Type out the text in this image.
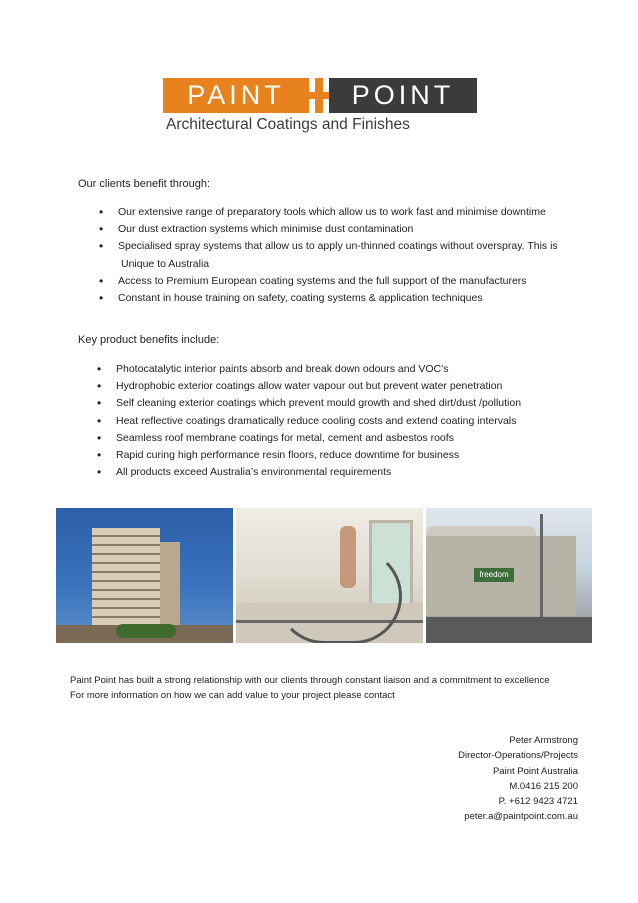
PAINT	POINT
Architectural Coatings and Finishes
Our clients benefit through:
• Our extensive range of preparatory tools which allow us to work fast and minimise downtime
• Our dust extraction systems which minimise dust contamination
• Specialised spray systems that allow us to apply un-thinned coatings without overspray. This is
Unique to Australia
• Access to Premium European coating systems and the full support of the manufacturers
• Constant in house training on safety, coating systems & application techniques
Key product benefits include:
• Photocatalytic interior paints absorb and break down odours and VOC’s
• Hydrophobic exterior coatings allow water vapour out but prevent water penetration
• Self cleaning exterior coatings which prevent mould growth and shed dirt/dust /pollution
• Heat reflective coatings dramatically reduce cooling costs and extend coating intervals
• Seamless roof membrane coatings for metal, cement and asbestos roofs
• Rapid curing high performance resin floors, reduce downtime for business
• All products exceed Australia’s environmental requirements
freedom
Paint Point has built a strong relationship with our clients through constant liaison and a commitment to excellence
For more information on how we can add value to your project please contact
Peter Armstrong
Director-Operations/Projects
Paint Point Australia
M.0416 215 200
P. +612 9423 4721
peter.a@paintpoint.com.au
